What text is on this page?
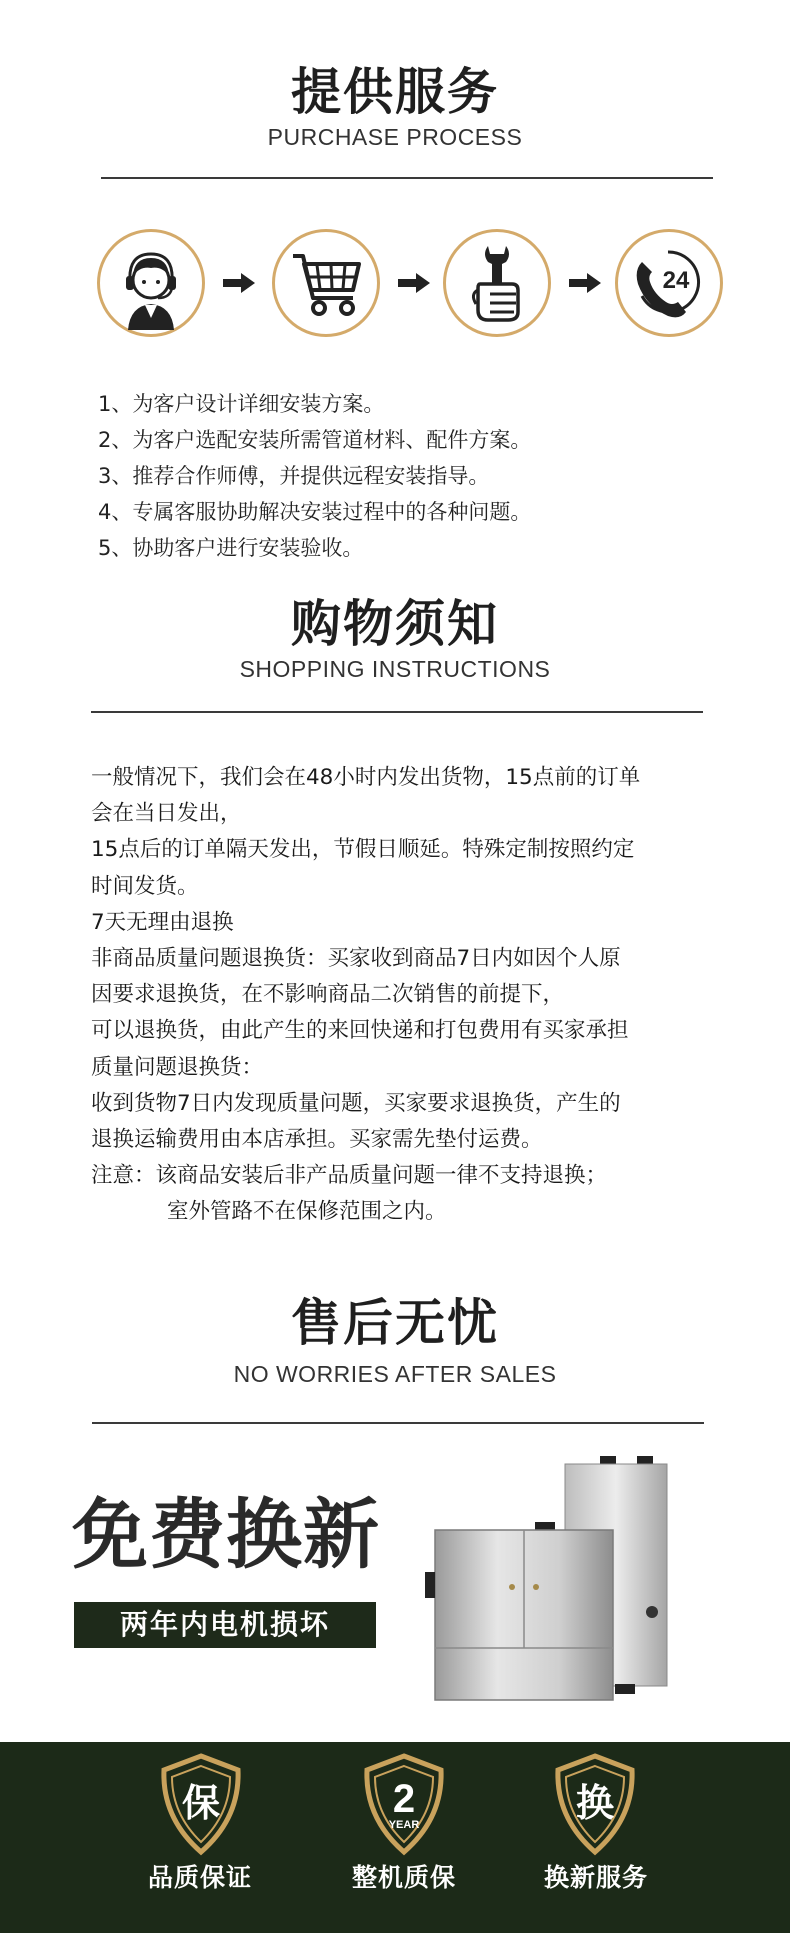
提供服务
PURCHASE PROCESS
24
1、为客户设计详细安装方案。
2、为客户选配安装所需管道材料、配件方案。
3、推荐合作师傅，并提供远程安装指导。
4、专属客服协助解决安装过程中的各种问题。
5、协助客户进行安装验收。
购物须知
SHOPPING INSTRUCTIONS
一般情况下，我们会在48小时内发出货物，15点前的订单
会在当日发出，
15点后的订单隔天发出，节假日顺延。特殊定制按照约定
时间发货。
7天无理由退换
非商品质量问题退换货：买家收到商品7日内如因个人原
因要求退换货，在不影响商品二次销售的前提下，
可以退换货，由此产生的来回快递和打包费用有买家承担
质量问题退换货：
收到货物7日内发现质量问题，买家要求退换货，产生的
退换运输费用由本店承担。买家需先垫付运费。
注意：该商品安装后非产品质量问题一律不支持退换；
室外管路不在保修范围之内。
售后无忧
NO WORRIES AFTER SALES
免费换新
两年内电机损坏
保
品质保证
2
YEAR
整机质保
换
换新服务
